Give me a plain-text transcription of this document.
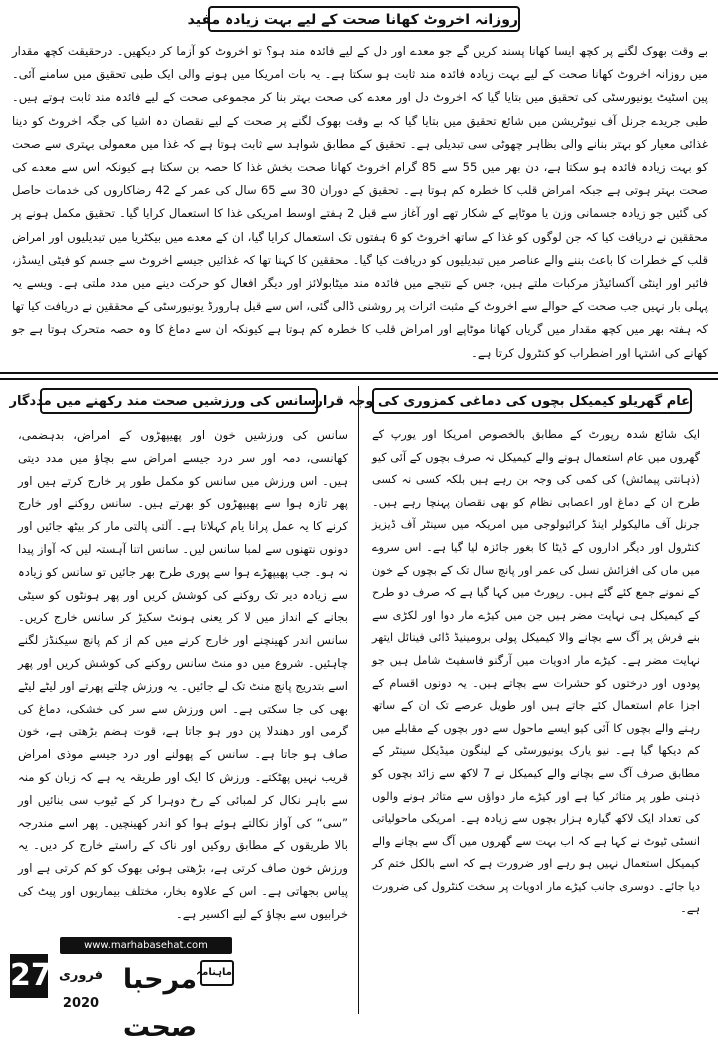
روزانہ اخروٹ کھانا صحت کے لیے بہت زیادہ مفید

بے وقت بھوک لگنے پر کچھ ایسا کھانا پسند کریں گے جو معدے اور دل کے لیے فائدہ مند ہو؟ تو اخروٹ کو آزما کر دیکھیں۔ درحقیقت کچھ مقدار میں روزانہ اخروٹ کھانا صحت کے لیے بہت زیادہ فائدہ مند ثابت ہو سکتا ہے۔ یہ بات امریکا میں ہونے والی ایک طبی تحقیق میں سامنے آئی۔ پین اسٹیٹ یونیورسٹی کی تحقیق میں بتایا گیا کہ اخروٹ دل اور معدے کی صحت بہتر بنا کر مجموعی صحت کے لیے فائدہ مند ثابت ہوتے ہیں۔ طبی جریدے جرنل آف نیوٹریشن میں شائع تحقیق میں بتایا گیا کہ بے وقت بھوک لگنے پر صحت کے لیے نقصان دہ اشیا کی جگہ اخروٹ کو دینا غذائی معیار کو بہتر بنانے والی بظاہر چھوٹی سی تبدیلی ہے۔ تحقیق کے مطابق شواہد سے ثابت ہوتا ہے کہ غذا میں معمولی بہتری سے صحت کو بہت زیادہ فائدہ ہو سکتا ہے، دن بھر میں 55 سے 85 گرام اخروٹ کھانا صحت بخش غذا کا حصہ بن سکتا ہے کیونکہ اس سے معدے کی صحت بہتر ہوتی ہے جبکہ امراض قلب کا خطرہ کم ہوتا ہے۔ تحقیق کے دوران 30 سے 65 سال کی عمر کے 42 رضاکاروں کی خدمات حاصل کی گئیں جو زیادہ جسمانی وزن یا موٹاپے کے شکار تھے اور آغاز سے قبل 2 ہفتے اوسط امریکی غذا کا استعمال کرایا گیا۔ تحقیق مکمل ہونے پر محققین نے دریافت کیا کہ جن لوگوں کو غذا کے ساتھ اخروٹ کو 6 ہفتوں تک استعمال کرایا گیا، ان کے معدے میں بیکٹریا میں تبدیلیوں اور امراض قلب کے خطرات کا باعث بننے والے عناصر میں تبدیلیوں کو دریافت کیا گیا۔ محققین کا کہنا تھا کہ غذائیں جیسے اخروٹ سے جسم کو فیٹی ایسڈز، فائبر اور اینٹی آکسائیڈز مرکبات ملتے ہیں، جس کے نتیجے میں فائدہ مند میٹابولائز اور دیگر افعال کو حرکت دینے میں مدد ملتی ہے۔ ویسے یہ پہلی بار نہیں جب صحت کے حوالے سے اخروٹ کے مثبت اثرات پر روشنی ڈالی گئی، اس سے قبل ہارورڈ یونیورسٹی کے محققین نے دریافت کیا تھا کہ ہفتہ بھر میں کچھ مقدار میں گریاں کھانا موٹاپے اور امراض قلب کا خطرہ کم ہوتا ہے کیونکہ ان سے دماغ کا وہ حصہ متحرک ہوتا ہے جو کھانے کی اشتہا اور اضطراب کو کنٹرول کرتا ہے۔

عام گھریلو کیمیکل بچوں کی دماغی کمزوری کی وجہ قرار

ایک شائع شدہ رپورٹ کے مطابق بالخصوص امریکا اور یورپ کے گھروں میں عام استعمال ہونے والے کیمیکل نہ صرف بچوں کے آئی کیو (ذہانتی پیمائش) کی کمی کی وجہ بن رہے ہیں بلکہ کسی نہ کسی طرح ان کے دماغ اور اعصابی نظام کو بھی نقصان پہنچا رہے ہیں۔ جرنل آف مالیکولر اینڈ کرائیولوجی میں امریکہ میں سینٹر آف ڈیزیز کنٹرول اور دیگر اداروں کے ڈیٹا کا بغور جائزہ لیا گیا ہے۔ اس سروے میں ماں کی افزائش نسل کی عمر اور پانچ سال تک کے بچوں کے خون کے نمونے جمع کئے گئے ہیں۔ رپورٹ میں کہا گیا ہے کہ صرف دو طرح کے کیمیکل ہی نہایت مضر ہیں جن میں کیڑے مار دوا اور لکڑی سے بنے فرش پر آگ سے بچانے والا کیمیکل پولی برومینیڈ ڈائی فینائل ایتھر نہایت مضر ہے۔ کیڑے مار ادویات میں آرگنو فاسفیٹ شامل ہیں جو پودوں اور درختوں کو حشرات سے بچاتے ہیں۔ یہ دونوں اقسام کے اجزا عام استعمال کئے جاتے ہیں اور طویل عرصے تک ان کے ساتھ رہنے والے بچوں کا آئی کیو ایسے ماحول سے دور بچوں کے مقابلے میں کم دیکھا گیا ہے۔ نیو یارک یونیورسٹی کے لینگون میڈیکل سینٹر کے مطابق صرف آگ سے بچانے والے کیمیکل نے 7 لاکھ سے زائد بچوں کو ذہنی طور پر متاثر کیا ہے اور کیڑے مار دواؤں سے متاثر ہونے والوں کی تعداد ایک لاکھ گیارہ ہزار بچوں سے زیادہ ہے۔ امریکی ماحولیاتی انسٹی ٹیوٹ نے کہا ہے کہ اب بہت سے گھروں میں آگ سے بچانے والے کیمیکل استعمال نہیں ہو رہے اور ضرورت ہے کہ اسے بالکل ختم کر دیا جائے۔ دوسری جانب کیڑے مار ادویات پر سخت کنٹرول کی ضرورت ہے۔

سانس کی ورزشیں صحت مند رکھنے میں مددگار

سانس کی ورزشیں خون اور پھیپھڑوں کے امراض، بدہضمی، کھانسی، دمہ اور سر درد جیسے امراض سے بچاؤ میں مدد دیتی ہیں۔ اس ورزش میں سانس کو مکمل طور پر خارج کرتے ہیں اور پھر تازہ ہوا سے پھیپھڑوں کو بھرتے ہیں۔ سانس روکنے اور خارج کرنے کا یہ عمل پرانا یام کہلاتا ہے۔ آلتی پالتی مار کر بیٹھ جائیں اور دونوں نتھنوں سے لمبا سانس لیں۔ سانس اتنا آہستہ لیں کہ آواز پیدا نہ ہو۔ جب پھیپھڑے ہوا سے پوری طرح بھر جائیں تو سانس کو زیادہ سے زیادہ دیر تک روکنے کی کوشش کریں اور پھر ہونٹوں کو سیٹی بجانے کے انداز میں لا کر یعنی ہونٹ سکیڑ کر سانس خارج کریں۔ سانس اندر کھینچنے اور خارج کرنے میں کم از کم پانچ سیکنڈز لگنے چاہئیں۔ شروع میں دو منٹ سانس روکنے کی کوشش کریں اور پھر اسے بتدریج پانچ منٹ تک لے جائیں۔ یہ ورزش چلتے پھرتے اور لیٹے لیٹے بھی کی جا سکتی ہے۔ اس ورزش سے سر کی خشکی، دماغ کی گرمی اور دھندلا پن دور ہو جاتا ہے، قوت ہضم بڑھتی ہے، خون صاف ہو جاتا ہے۔ سانس کے پھولنے اور درد جیسے موذی امراض قریب نہیں پھٹکتے۔ ورزش کا ایک اور طریقہ یہ ہے کہ زبان کو منہ سے باہر نکال کر لمبائی کے رخ دوہرا کر کے ٹیوب سی بنائیں اور ”سی“ کی آواز نکالتے ہوئے ہوا کو اندر کھینچیں۔ پھر اسے مندرجہ بالا طریقوں کے مطابق روکیں اور ناک کے راستے خارج کر دیں۔ یہ ورزش خون صاف کرتی ہے، بڑھتی ہوئی بھوک کو کم کرتی ہے اور پیاس بجھاتی ہے۔ اس کے علاوہ بخار، مختلف بیماریوں اور پیٹ کی خرابیوں سے بچاؤ کے لیے اکسیر ہے۔

www.marhabasehat.com
27 فروری 2020
مرحبا صحت
ماہنامہ
